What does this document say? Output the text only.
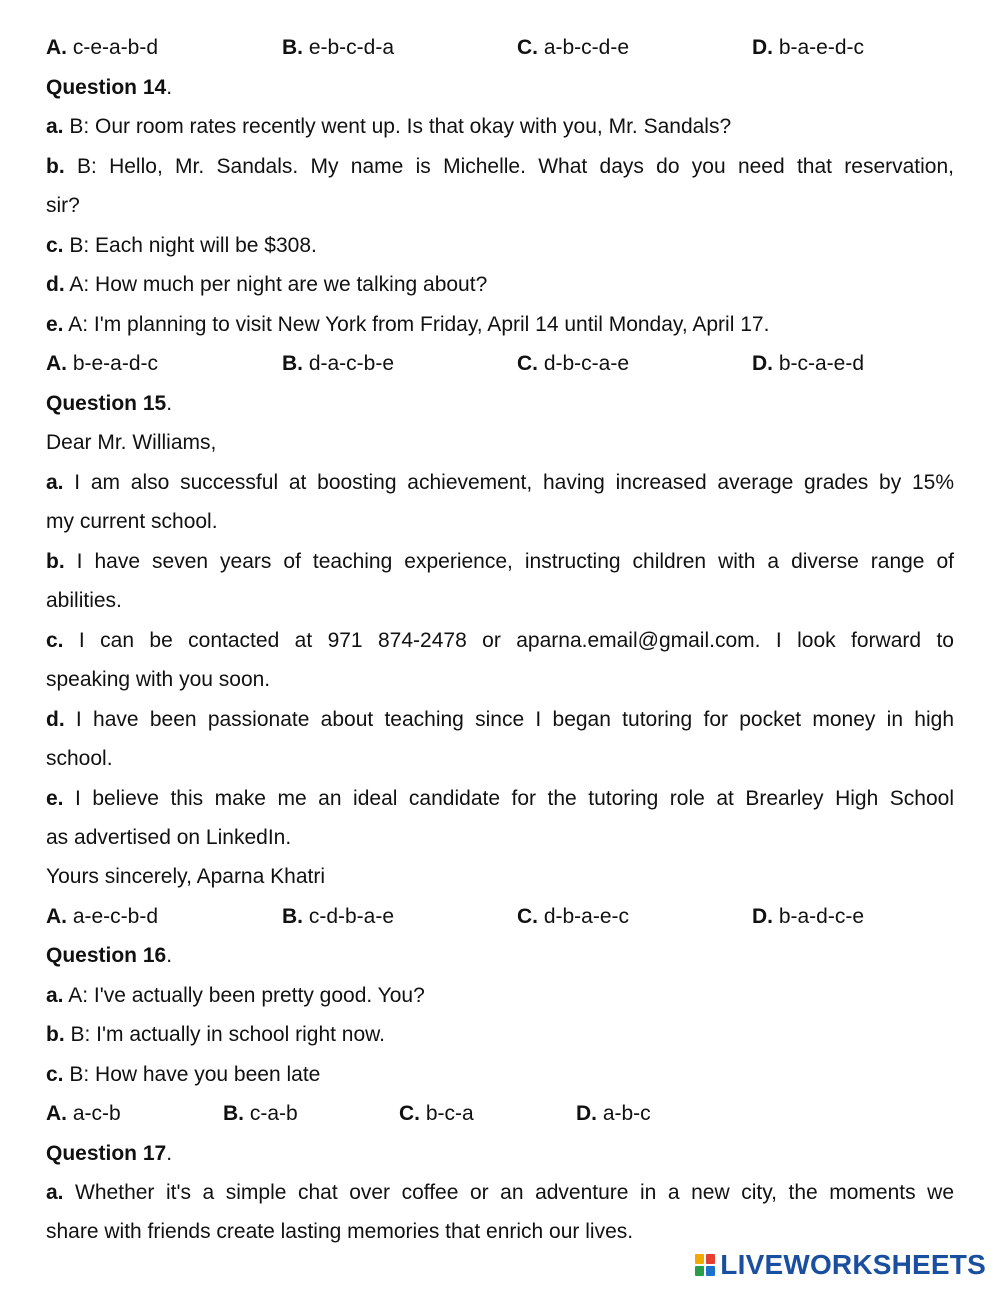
A. c-e-a-b-d	B. e-b-c-d-a	C. a-b-c-d-e	D. b-a-e-d-c
Question 14.
a. B: Our room rates recently went up. Is that okay with you, Mr. Sandals?
b. B: Hello, Mr. Sandals. My name is Michelle. What days do you need that reservation,
sir?
c. B: Each night will be $308.
d. A: How much per night are we talking about?
e. A: I'm planning to visit New York from Friday, April 14 until Monday, April 17.
A. b-e-a-d-c	B. d-a-c-b-e	C. d-b-c-a-e	D. b-c-a-e-d
Question 15.
Dear Mr. Williams,
a. I am also successful at boosting achievement, having increased average grades by 15%
my current school.
b. I have seven years of teaching experience, instructing children with a diverse range of
abilities.
c. I can be contacted at 971 874-2478 or aparna.email@gmail.com. I look forward to
speaking with you soon.
d. I have been passionate about teaching since I began tutoring for pocket money in high
school.
e. I believe this make me an ideal candidate for the tutoring role at Brearley High School
as advertised on LinkedIn.
Yours sincerely, Aparna Khatri
A. a-e-c-b-d	B. c-d-b-a-e	C. d-b-a-e-c	D. b-a-d-c-e
Question 16.
a. A: I've actually been pretty good. You?
b. B: I'm actually in school right now.
c. B: How have you been late
A. a-c-b	B. c-a-b	C. b-c-a	D. a-b-c
Question 17.
a. Whether it's a simple chat over coffee or an adventure in a new city, the moments we
share with friends create lasting memories that enrich our lives.
LIVEWORKSHEETS
